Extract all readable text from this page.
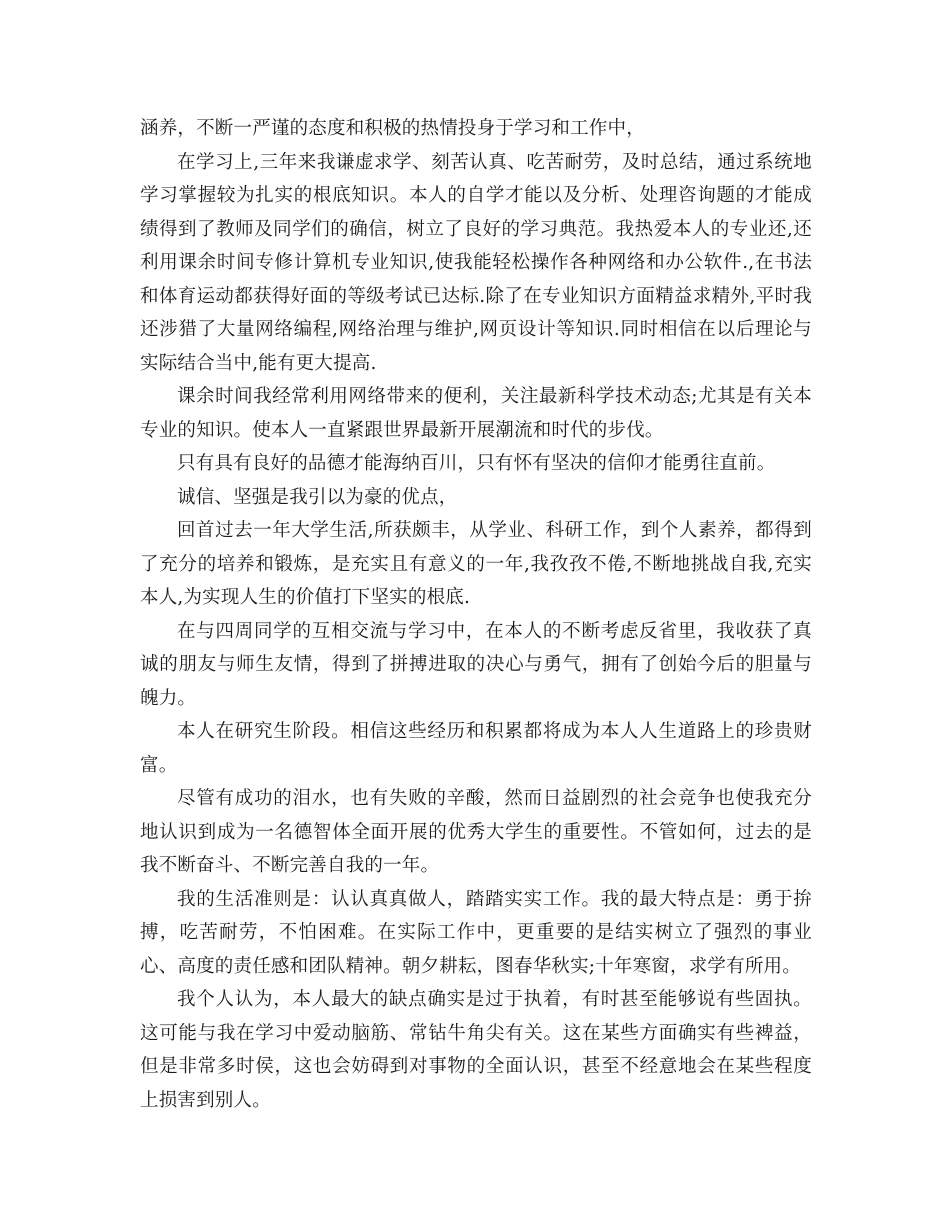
涵养，不断一严谨的态度和积极的热情投身于学习和工作中，

在学习上,三年来我谦虚求学、刻苦认真、吃苦耐劳，及时总结，通过系统地学习掌握较为扎实的根底知识。本人的自学才能以及分析、处理咨询题的才能成绩得到了教师及同学们的确信，树立了良好的学习典范。我热爱本人的专业还,还利用课余时间专修计算机专业知识,使我能轻松操作各种网络和办公软件.,在书法和体育运动都获得好面的等级考试已达标.除了在专业知识方面精益求精外,平时我还涉猎了大量网络编程,网络治理与维护,网页设计等知识.同时相信在以后理论与实际结合当中,能有更大提高.

课余时间我经常利用网络带来的便利，关注最新科学技术动态;尤其是有关本专业的知识。使本人一直紧跟世界最新开展潮流和时代的步伐。

只有具有良好的品德才能海纳百川，只有怀有坚决的信仰才能勇往直前。

诚信、坚强是我引以为豪的优点，

回首过去一年大学生活,所获颇丰，从学业、科研工作，到个人素养，都得到了充分的培养和锻炼，是充实且有意义的一年,我孜孜不倦,不断地挑战自我,充实本人,为实现人生的价值打下坚实的根底.

在与四周同学的互相交流与学习中，在本人的不断考虑反省里，我收获了真诚的朋友与师生友情，得到了拼搏进取的决心与勇气，拥有了创始今后的胆量与魄力。

本人在研究生阶段。相信这些经历和积累都将成为本人人生道路上的珍贵财富。

尽管有成功的泪水，也有失败的辛酸，然而日益剧烈的社会竞争也使我充分地认识到成为一名德智体全面开展的优秀大学生的重要性。不管如何，过去的是我不断奋斗、不断完善自我的一年。

我的生活准则是：认认真真做人，踏踏实实工作。我的最大特点是：勇于拚搏，吃苦耐劳，不怕困难。在实际工作中，更重要的是结实树立了强烈的事业心、高度的责任感和团队精神。朝夕耕耘，图春华秋实;十年寒窗，求学有所用。

我个人认为，本人最大的缺点确实是过于执着，有时甚至能够说有些固执。这可能与我在学习中爱动脑筋、常钻牛角尖有关。这在某些方面确实有些裨益，但是非常多时侯，这也会妨碍到对事物的全面认识，甚至不经意地会在某些程度上损害到别人。
